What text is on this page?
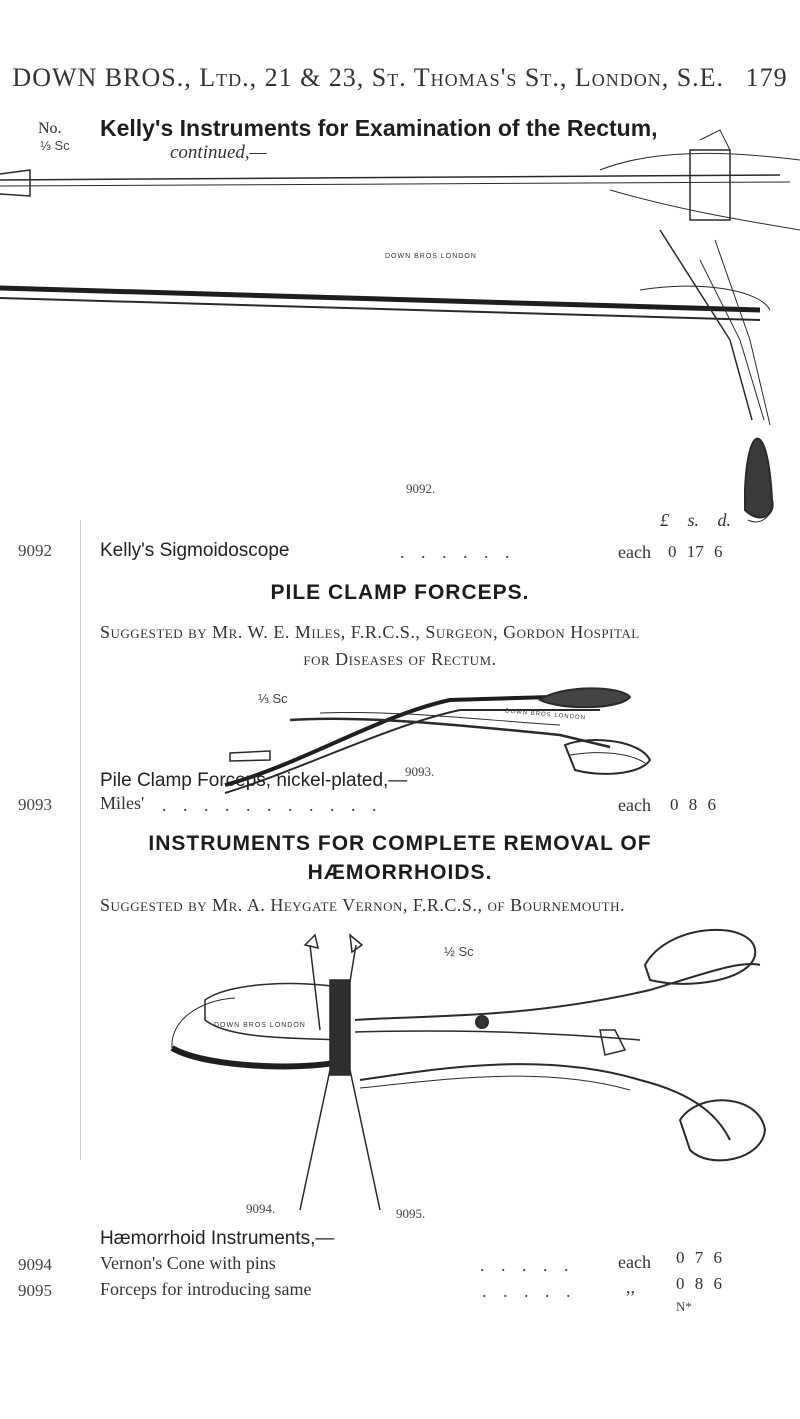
DOWN BROS., Ltd., 21 & 23, St. Thomas's St., London, S.E. 179
No.
⅓ Sc
Kelly's Instruments for Examination of the Rectum,
continued,—
DOWN BROS LONDON
9092.
£ s. d.
9092	Kelly's Sigmoidoscope	. . . . . .	each 0 17 6
PILE CLAMP FORCEPS.
Suggested by Mr. W. E. Miles, F.R.C.S., Surgeon, Gordon Hospital
for Diseases of Rectum.
⅓ Sc
DOWN BROS LONDON
9093.
Pile Clamp Forceps, nickel-plated,—
9093	Miles' . . . . . . . . . . .	each 0 8 6
INSTRUMENTS FOR COMPLETE REMOVAL OF
HÆMORRHOIDS.
Suggested by Mr. A. Heygate Vernon, F.R.C.S., of Bournemouth.
½ Sc
DOWN BROS LONDON
9094.	9095.
Hæmorrhoid Instruments,—
9094	Vernon's Cone with pins	. . . . . each 0 7 6
9095	Forceps for introducing same	. . . . .	,, 0 8 6
N*
